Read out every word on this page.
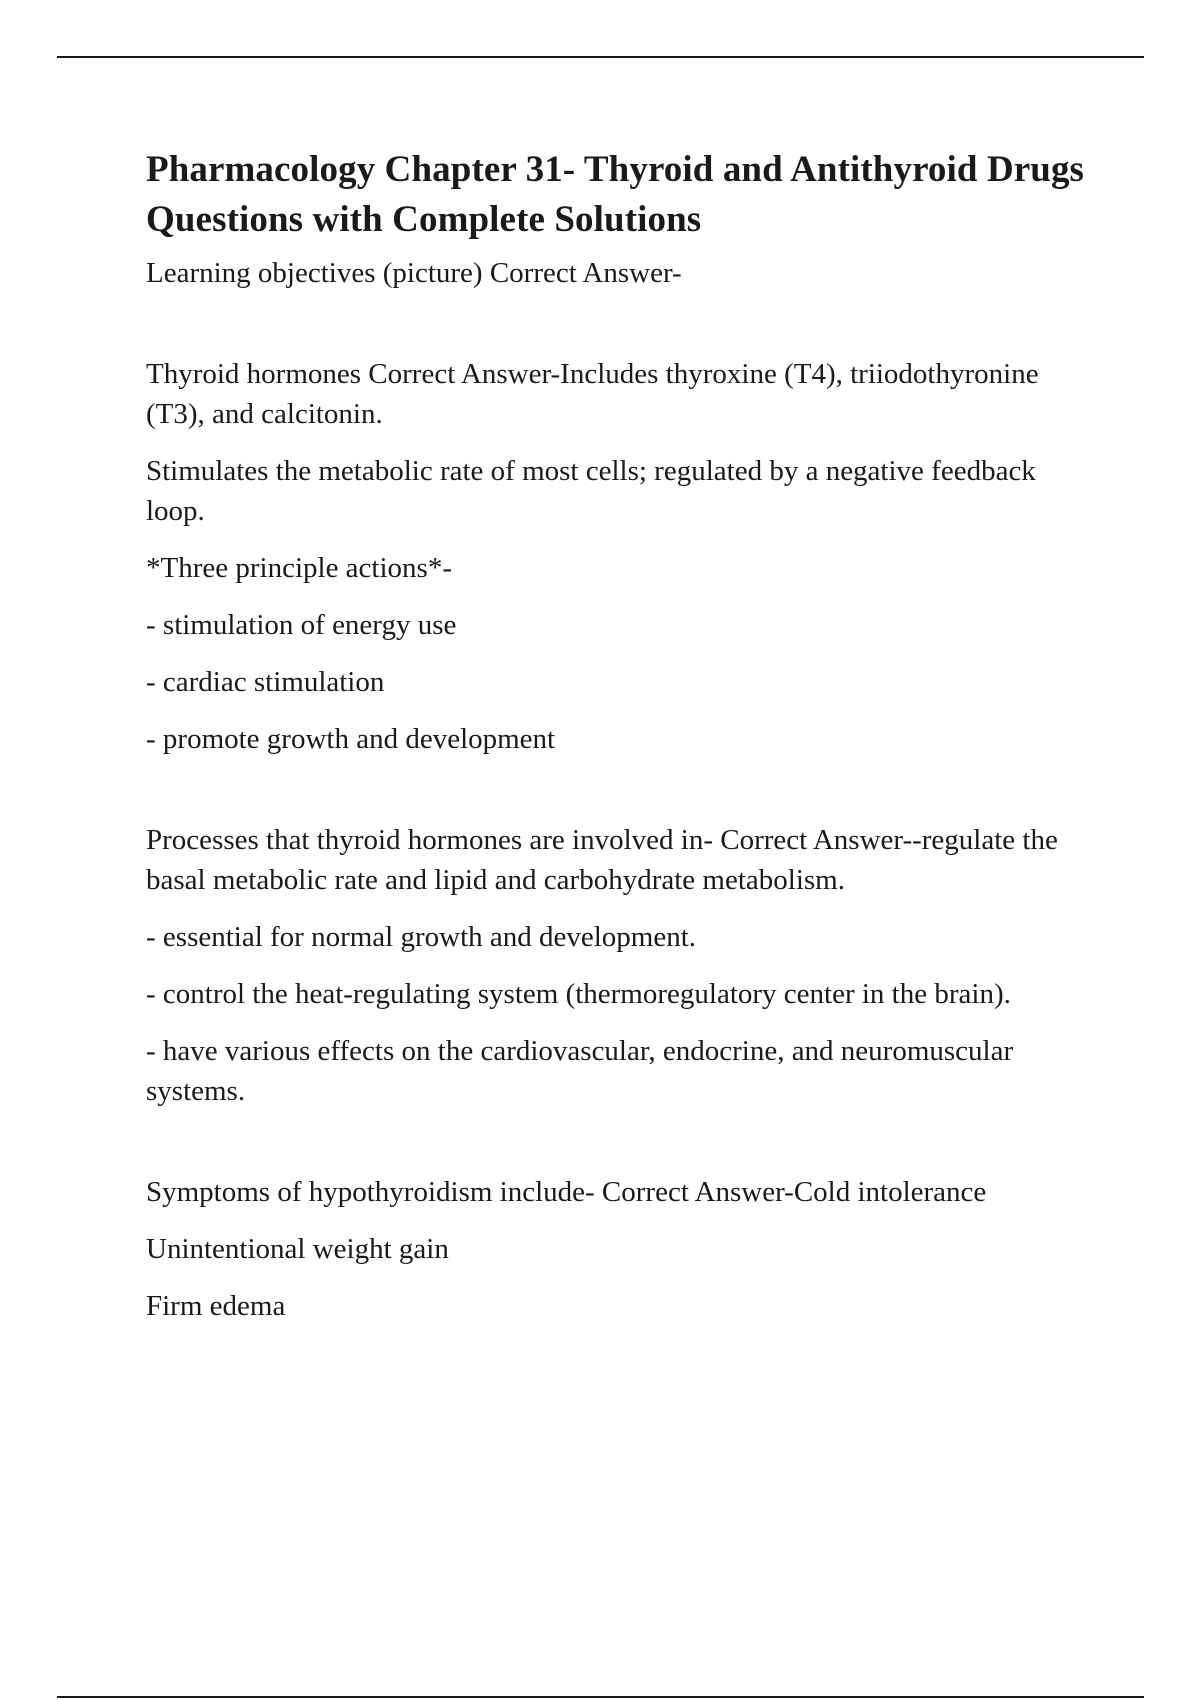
Pharmacology Chapter 31- Thyroid and Antithyroid Drugs Questions with Complete Solutions

Learning objectives (picture) Correct Answer-

Thyroid hormones Correct Answer-Includes thyroxine (T4), triiodothyronine (T3), and calcitonin.

Stimulates the metabolic rate of most cells; regulated by a negative feedback loop.

*Three principle actions*-

- stimulation of energy use

- cardiac stimulation

- promote growth and development

Processes that thyroid hormones are involved in- Correct Answer--regulate the basal metabolic rate and lipid and carbohydrate metabolism.

- essential for normal growth and development.

- control the heat-regulating system (thermoregulatory center in the brain).

- have various effects on the cardiovascular, endocrine, and neuromuscular systems.

Symptoms of hypothyroidism include- Correct Answer-Cold intolerance

Unintentional weight gain

Firm edema
